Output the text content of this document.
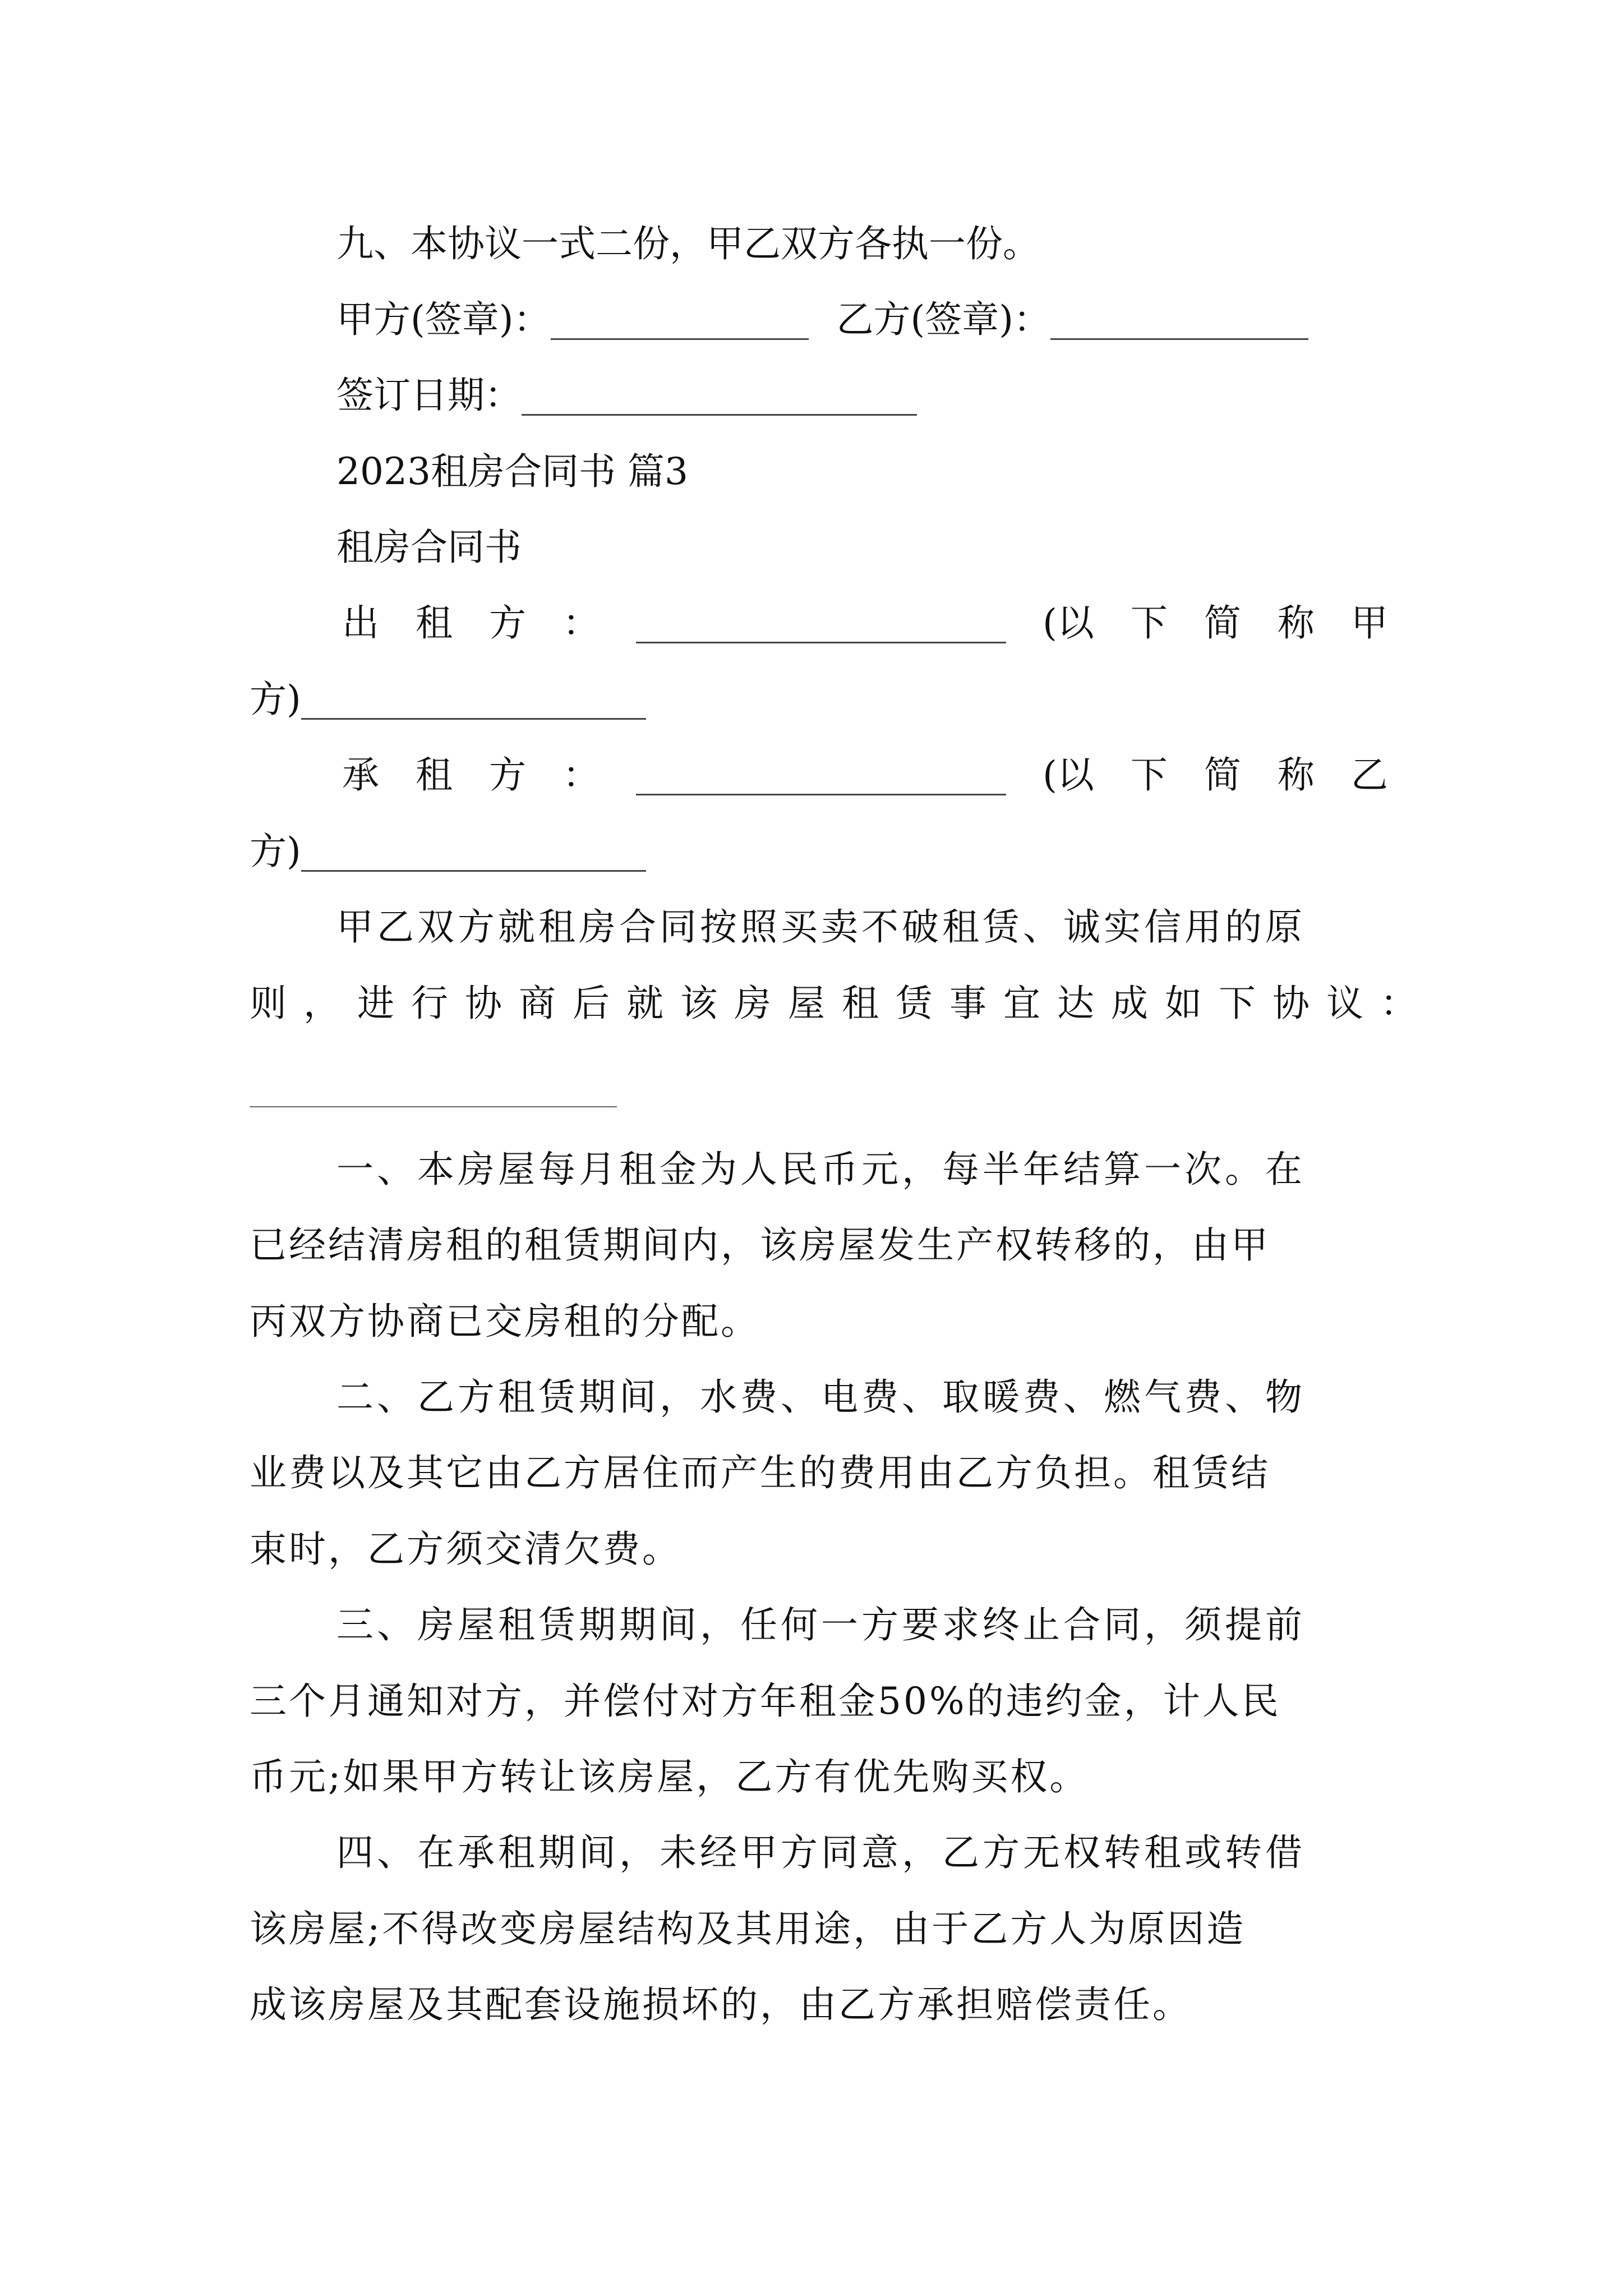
九、本协议一式二份，甲乙双方各执一份。
甲方(签章)：	乙方(签章)：
签订日期：
2023租房合同书 篇3
租房合同书
出 租 方 ：
	(以 下 简 称 甲
方)
承 租 方 ：
	(以 下 简 称 乙
方)
甲乙双方就租房合同按照买卖不破租赁、诚实信用的原
则，进行协商后就该房屋租赁事宜达成如下协议：
一、本房屋每月租金为人民币元，每半年结算一次。在
已经结清房租的租赁期间内，该房屋发生产权转移的，由甲
丙双方协商已交房租的分配。
二、乙方租赁期间，水费、电费、取暖费、燃气费、物
业费以及其它由乙方居住而产生的费用由乙方负担。租赁结
束时，乙方须交清欠费。
三、房屋租赁期期间，任何一方要求终止合同，须提前
三个月通知对方，并偿付对方年租金50%的违约金，计人民
币元;如果甲方转让该房屋，乙方有优先购买权。
四、在承租期间，未经甲方同意，乙方无权转租或转借
该房屋;不得改变房屋结构及其用途，由于乙方人为原因造
成该房屋及其配套设施损坏的，由乙方承担赔偿责任。
